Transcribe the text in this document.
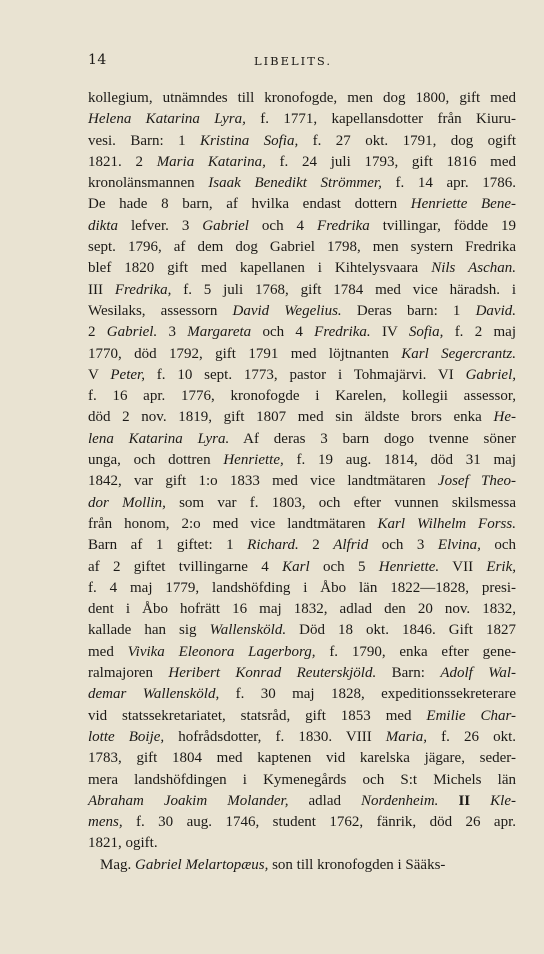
14	LIBELITS.
kollegium, utnämndes till kronofogde, men dog 1800, gift med
Helena Katarina Lyra, f. 1771, kapellansdotter från Kiuru-
vesi. Barn: 1 Kristina Sofia, f. 27 okt. 1791, dog ogift
1821. 2 Maria Katarina, f. 24 juli 1793, gift 1816 med
kronolänsmannen Isaak Benedikt Strömmer, f. 14 apr. 1786.
De hade 8 barn, af hvilka endast dottern Henriette Bene-
dikta lefver. 3 Gabriel och 4 Fredrika tvillingar, födde 19
sept. 1796, af dem dog Gabriel 1798, men systern Fredrika
blef 1820 gift med kapellanen i Kihtelysvaara Nils Aschan.
III Fredrika, f. 5 juli 1768, gift 1784 med vice häradsh. i
Wesilaks, assessorn David Wegelius. Deras barn: 1 David.
2 Gabriel. 3 Margareta och 4 Fredrika. IV Sofia, f. 2 maj
1770, död 1792, gift 1791 med löjtnanten Karl Segercrantz.
V Peter, f. 10 sept. 1773, pastor i Tohmajärvi. VI Gabriel,
f. 16 apr. 1776, kronofogde i Karelen, kollegii assessor,
död 2 nov. 1819, gift 1807 med sin äldste brors enka He-
lena Katarina Lyra. Af deras 3 barn dogo tvenne söner
unga, och dottren Henriette, f. 19 aug. 1814, död 31 maj
1842, var gift 1:o 1833 med vice landtmätaren Josef Theo-
dor Mollin, som var f. 1803, och efter vunnen skilsmessa
från honom, 2:o med vice landtmätaren Karl Wilhelm Forss.
Barn af 1 giftet: 1 Richard. 2 Alfrid och 3 Elvina, och
af 2 giftet tvillingarne 4 Karl och 5 Henriette. VII Erik,
f. 4 maj 1779, landshöfding i Åbo län 1822—1828, presi-
dent i Åbo hofrätt 16 maj 1832, adlad den 20 nov. 1832,
kallade han sig Wallensköld. Död 18 okt. 1846. Gift 1827
med Vivika Eleonora Lagerborg, f. 1790, enka efter gene-
ralmajoren Heribert Konrad Reuterskjöld. Barn: Adolf Wal-
demar Wallensköld, f. 30 maj 1828, expeditionssekreterare
vid statssekretariatet, statsråd, gift 1853 med Emilie Char-
lotte Boije, hofrådsdotter, f. 1830. VIII Maria, f. 26 okt.
1783, gift 1804 med kaptenen vid karelska jägare, seder-
mera landshöfdingen i Kymenegårds och S:t Michels län
Abraham Joakim Molander, adlad Nordenheim. II Kle-
mens, f. 30 aug. 1746, student 1762, fänrik, död 26 apr.
1821, ogift.
Mag. Gabriel Melartopæus, son till kronofogden i Sääks-
